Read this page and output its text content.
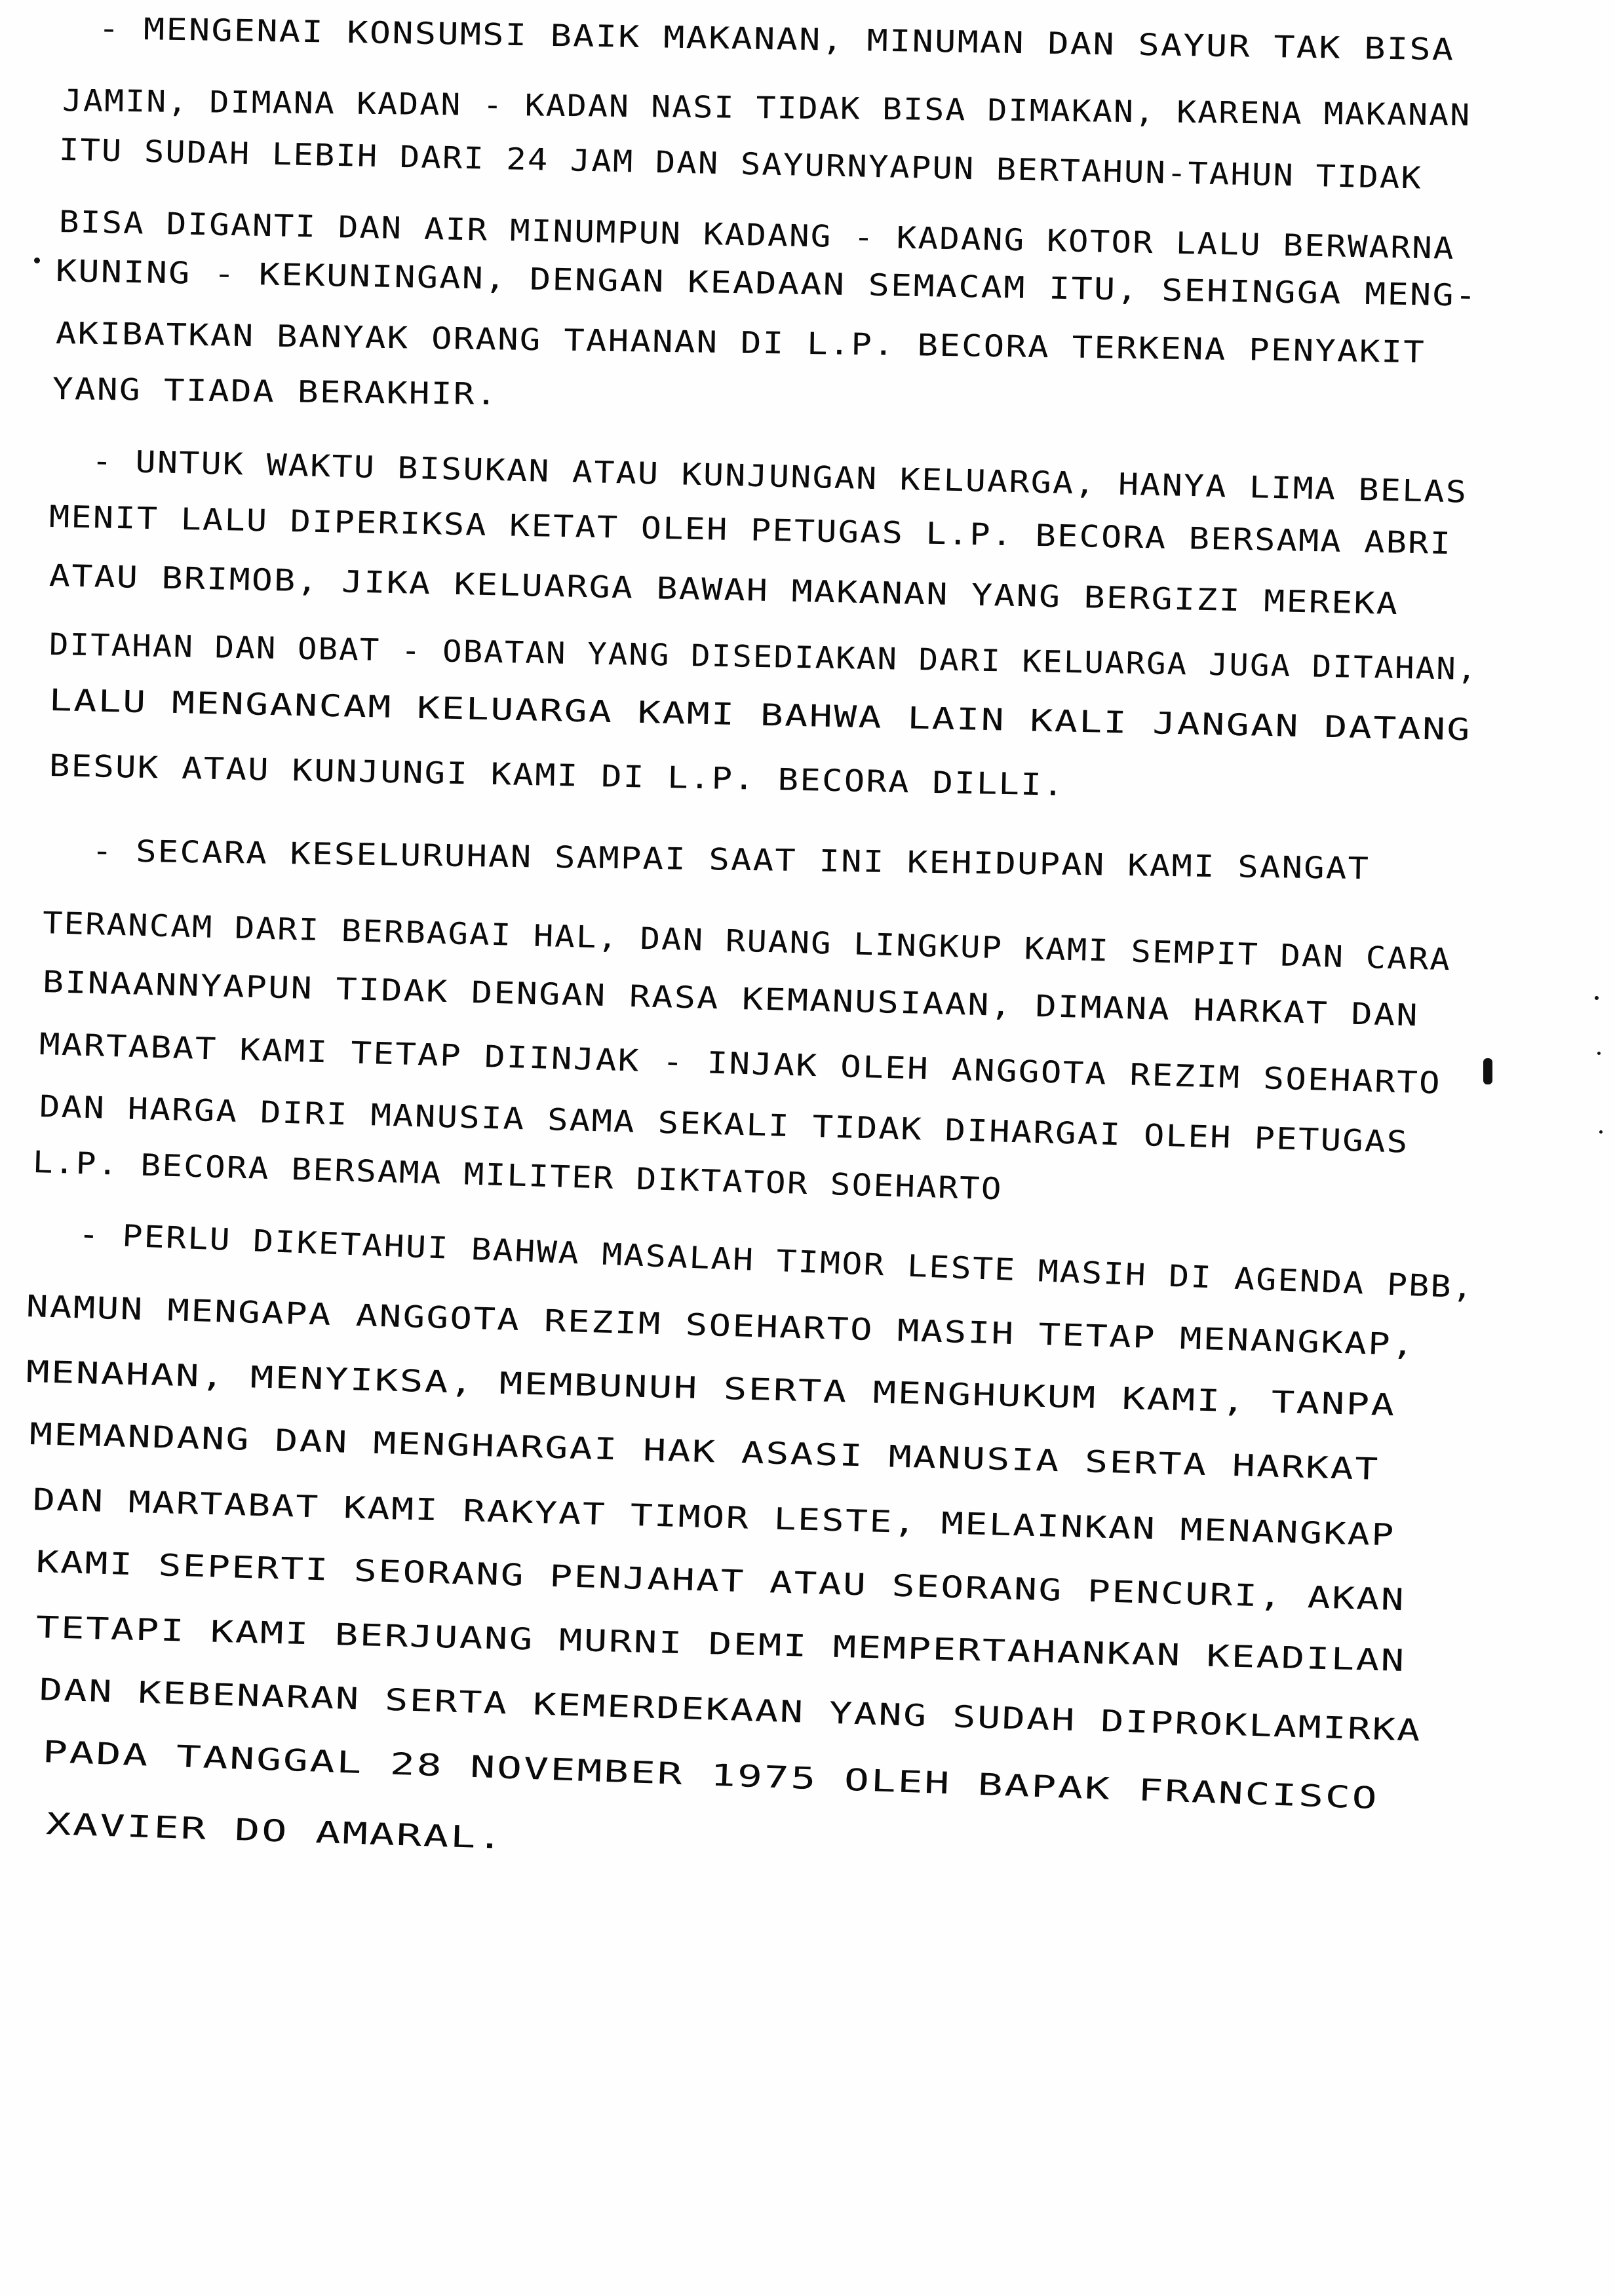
- MENGENAI KONSUMSI BAIK MAKANAN, MINUMAN DAN SAYUR TAK BISA
JAMIN, DIMANA KADAN - KADAN NASI TIDAK BISA DIMAKAN, KARENA MAKANAN
ITU SUDAH LEBIH DARI 24 JAM DAN SAYURNYAPUN BERTAHUN-TAHUN TIDAK
BISA DIGANTI DAN AIR MINUMPUN KADANG - KADANG KOTOR LALU BERWARNA
KUNING - KEKUNINGAN, DENGAN KEADAAN SEMACAM ITU, SEHINGGA MENG-
AKIBATKAN BANYAK ORANG TAHANAN DI L.P. BECORA TERKENA PENYAKIT
YANG TIADA BERAKHIR.
- UNTUK WAKTU BISUKAN ATAU KUNJUNGAN KELUARGA, HANYA LIMA BELAS
MENIT LALU DIPERIKSA KETAT OLEH PETUGAS L.P. BECORA BERSAMA ABRI
ATAU BRIMOB, JIKA KELUARGA BAWAH MAKANAN YANG BERGIZI MEREKA
DITAHAN DAN OBAT - OBATAN YANG DISEDIAKAN DARI KELUARGA JUGA DITAHAN,
LALU MENGANCAM KELUARGA KAMI BAHWA LAIN KALI JANGAN DATANG
BESUK ATAU KUNJUNGI KAMI DI L.P. BECORA DILLI.
- SECARA KESELURUHAN SAMPAI SAAT INI KEHIDUPAN KAMI SANGAT
TERANCAM DARI BERBAGAI HAL, DAN RUANG LINGKUP KAMI SEMPIT DAN CARA
BINAANNYAPUN TIDAK DENGAN RASA KEMANUSIAAN, DIMANA HARKAT DAN
MARTABAT KAMI TETAP DIINJAK - INJAK OLEH ANGGOTA REZIM SOEHARTO
DAN HARGA DIRI MANUSIA SAMA SEKALI TIDAK DIHARGAI OLEH PETUGAS
L.P. BECORA BERSAMA MILITER DIKTATOR SOEHARTO
- PERLU DIKETAHUI BAHWA MASALAH TIMOR LESTE MASIH DI AGENDA PBB,
NAMUN MENGAPA ANGGOTA REZIM SOEHARTO MASIH TETAP MENANGKAP,
MENAHAN, MENYIKSA, MEMBUNUH SERTA MENGHUKUM KAMI, TANPA
MEMANDANG DAN MENGHARGAI HAK ASASI MANUSIA SERTA HARKAT
DAN MARTABAT KAMI RAKYAT TIMOR LESTE, MELAINKAN MENANGKAP
KAMI SEPERTI SEORANG PENJAHAT ATAU SEORANG PENCURI, AKAN
TETAPI KAMI BERJUANG MURNI DEMI MEMPERTAHANKAN KEADILAN
DAN KEBENARAN SERTA KEMERDEKAAN YANG SUDAH DIPROKLAMIRKA
PADA TANGGAL 28 NOVEMBER 1975 OLEH BAPAK FRANCISCO
XAVIER DO AMARAL.
